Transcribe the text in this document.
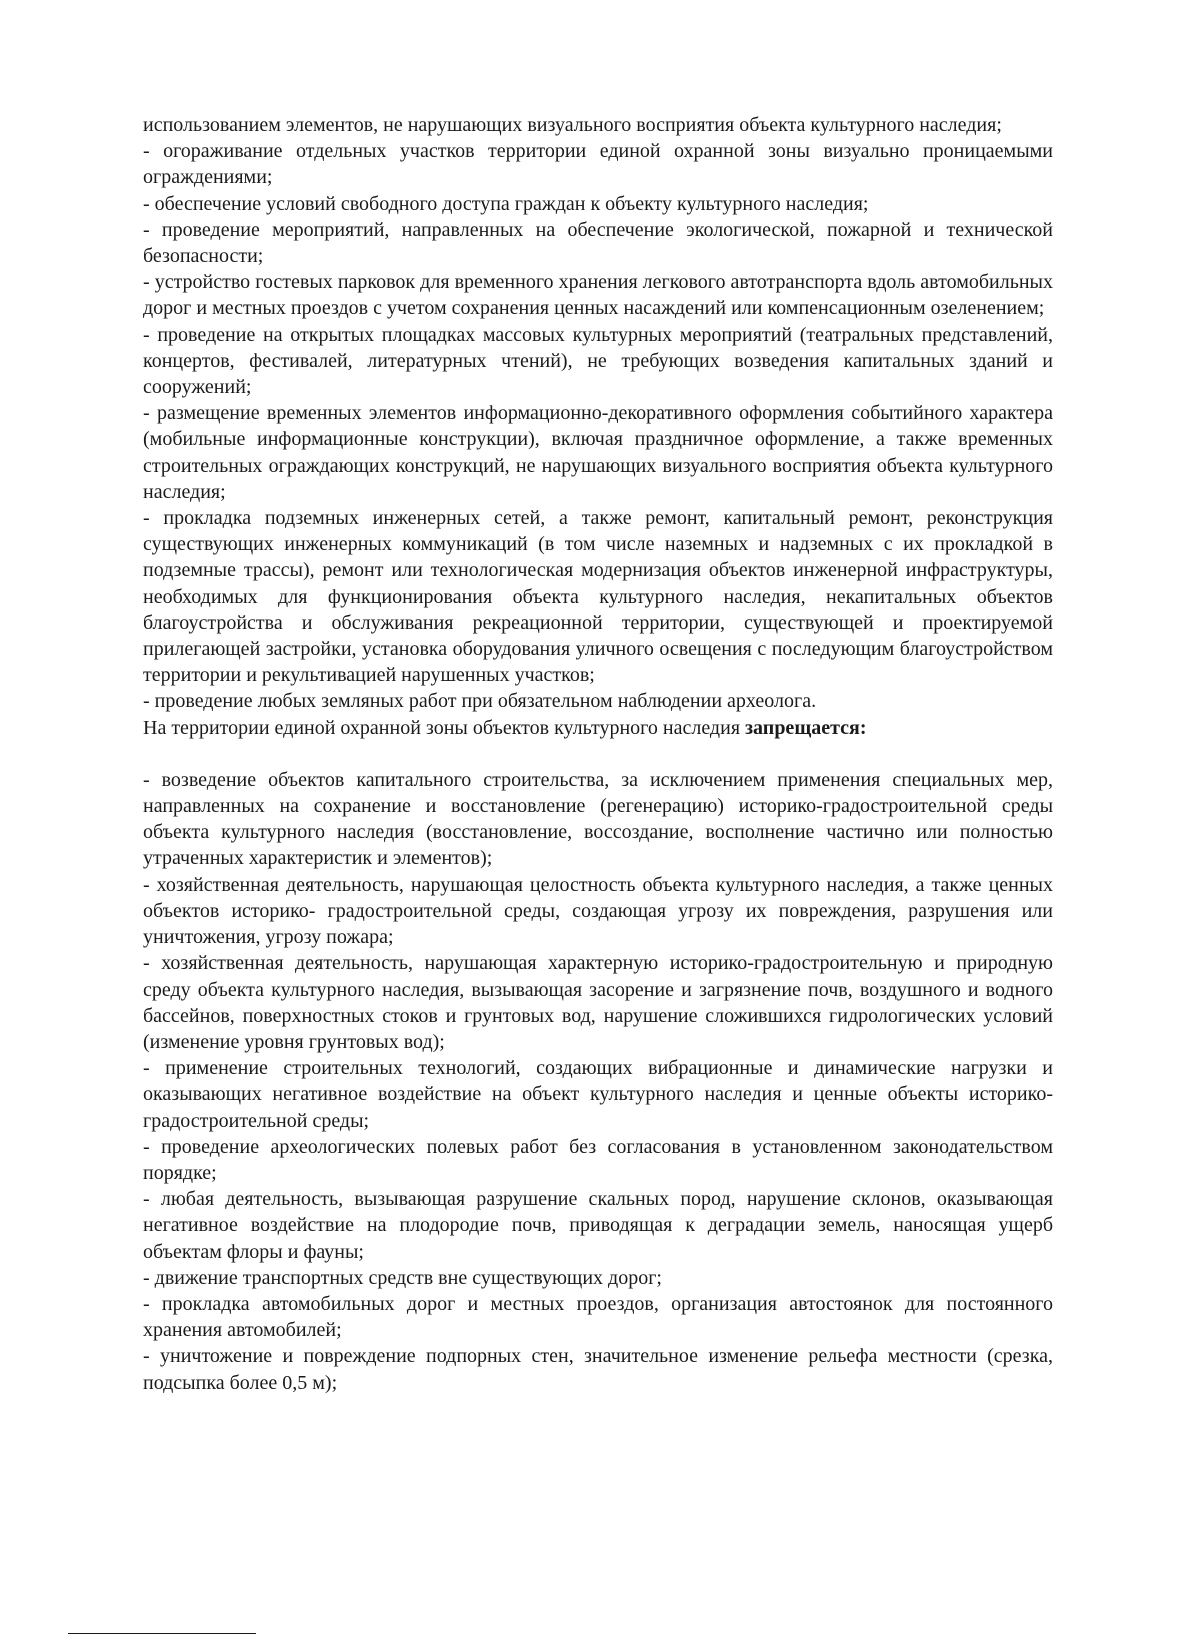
использованием элементов, не нарушающих визуального восприятия объекта культурного наследия;

- огораживание отдельных участков территории единой охранной зоны визуально проницаемыми ограждениями;

- обеспечение условий свободного доступа граждан к объекту культурного наследия;

- проведение мероприятий, направленных на обеспечение экологической, пожарной и технической безопасности;

- устройство гостевых парковок для временного хранения легкового автотранспорта вдоль автомобильных дорог и местных проездов с учетом сохранения ценных насаждений или компенсационным озеленением;

- проведение на открытых площадках массовых культурных мероприятий (театральных представлений, концертов, фестивалей, литературных чтений), не требующих возведения капитальных зданий и сооружений;

- размещение временных элементов информационно-декоративного оформления событийного характера (мобильные информационные конструкции), включая праздничное оформление, а также временных строительных ограждающих конструкций, не нарушающих визуального восприятия объекта культурного наследия;

- прокладка подземных инженерных сетей, а также ремонт, капитальный ремонт, реконструкция существующих инженерных коммуникаций (в том числе наземных и надземных с их прокладкой в подземные трассы), ремонт или технологическая модернизация объектов инженерной инфраструктуры, необходимых для функционирования объекта культурного наследия, некапитальных объектов благоустройства и обслуживания рекреационной территории, существующей и проектируемой прилегающей застройки, установка оборудования уличного освещения с последующим благоустройством территории и рекультивацией нарушенных участков;

- проведение любых земляных работ при обязательном наблюдении археолога.

На территории единой охранной зоны объектов культурного наследия запрещается:

- возведение объектов капитального строительства, за исключением применения специальных мер, направленных на сохранение и восстановление (регенерацию) историко-градостроительной среды объекта культурного наследия (восстановление, воссоздание, восполнение частично или полностью утраченных характеристик и элементов);

- хозяйственная деятельность, нарушающая целостность объекта культурного наследия, а также ценных объектов историко- градостроительной среды, создающая угрозу их повреждения, разрушения или уничтожения, угрозу пожара;

- хозяйственная деятельность, нарушающая характерную историко-градостроительную и природную среду объекта культурного наследия, вызывающая засорение и загрязнение почв, воздушного и водного бассейнов, поверхностных стоков и грунтовых вод, нарушение сложившихся гидрологических условий (изменение уровня грунтовых вод);

- применение строительных технологий, создающих вибрационные и динамические нагрузки и оказывающих негативное воздействие на объект культурного наследия и ценные объекты историко-градостроительной среды;

- проведение археологических полевых работ без согласования в установленном законодательством порядке;

- любая деятельность, вызывающая разрушение скальных пород, нарушение склонов, оказывающая негативное воздействие на плодородие почв, приводящая к деградации земель, наносящая ущерб объектам флоры и фауны;

- движение транспортных средств вне существующих дорог;

- прокладка автомобильных дорог и местных проездов, организация автостоянок для постоянного хранения автомобилей;

- уничтожение и повреждение подпорных стен, значительное изменение рельефа местности (срезка, подсыпка более 0,5 м);
